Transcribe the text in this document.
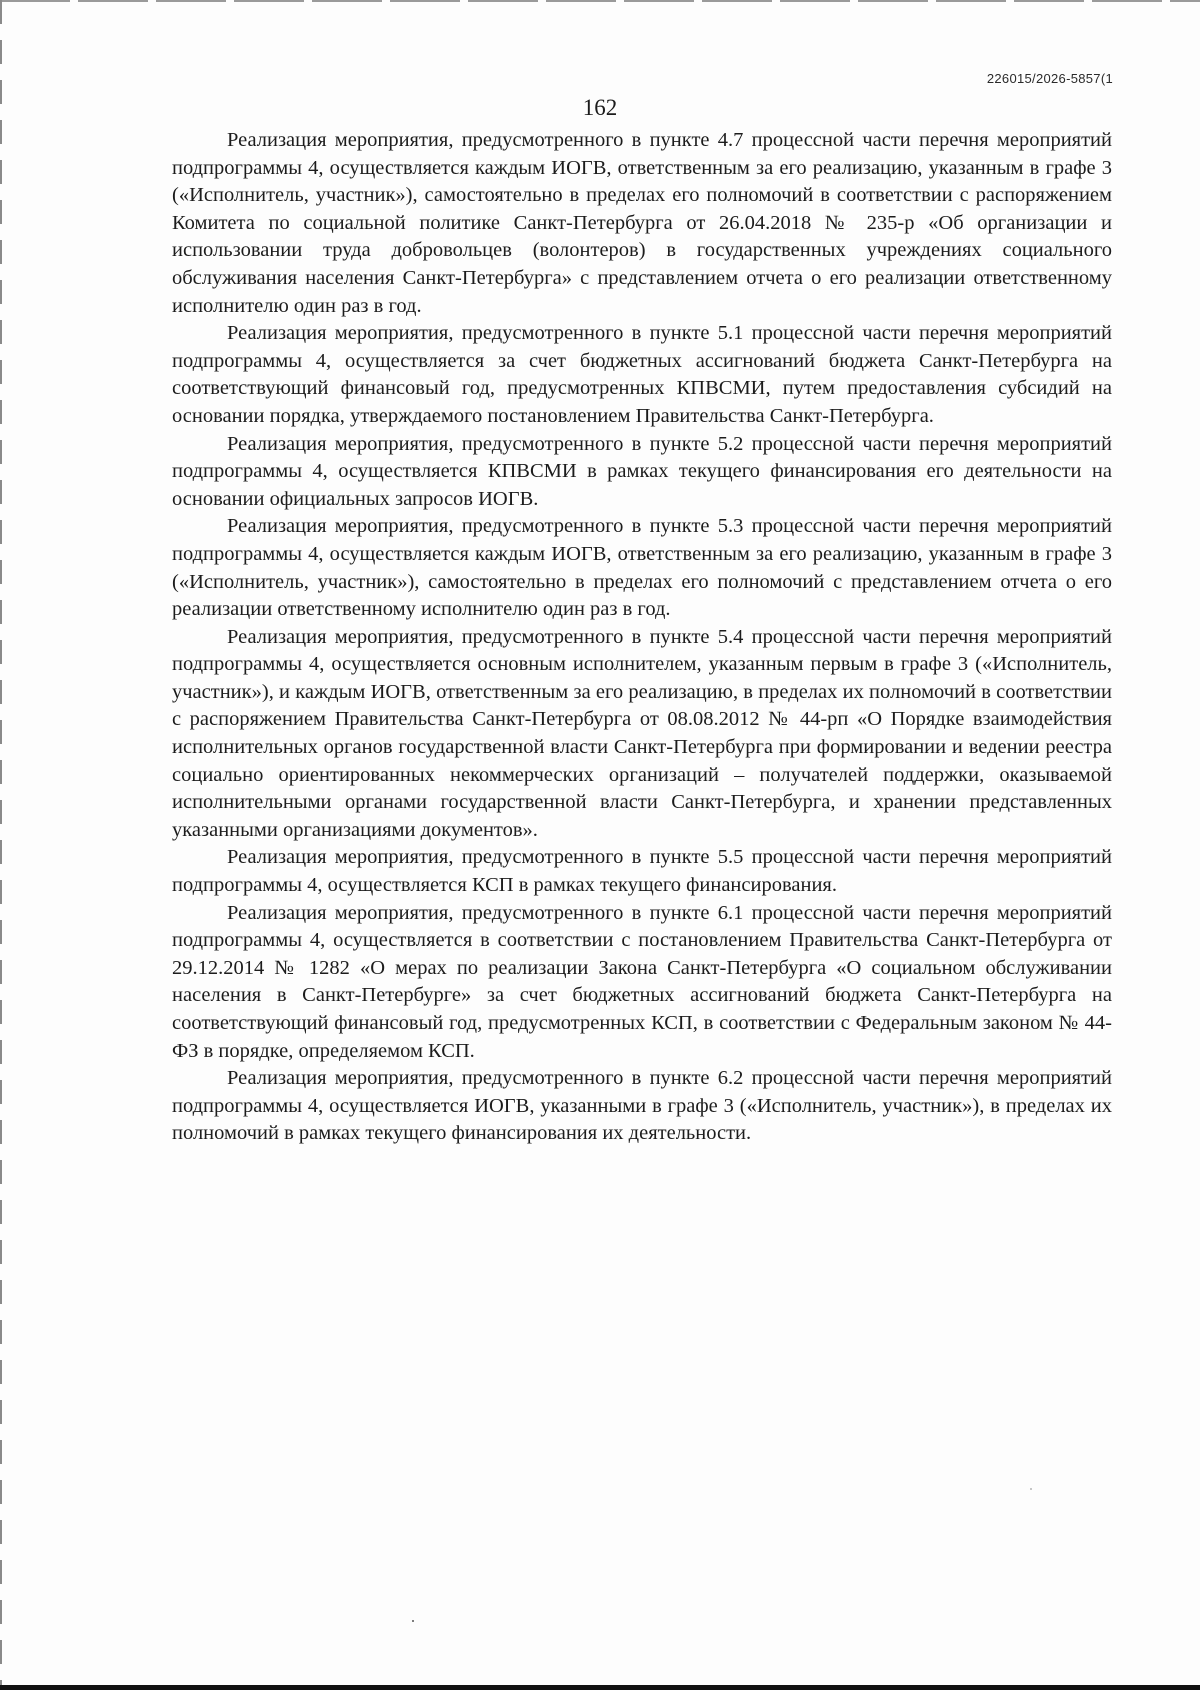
226015/2026-5857(1
162

Реализация мероприятия, предусмотренного в пункте 4.7 процессной части перечня мероприятий подпрограммы 4, осуществляется каждым ИОГВ, ответственным за его реализацию, указанным в графе 3 («Исполнитель, участник»), самостоятельно в пределах его полномочий в соответствии с распоряжением Комитета по социальной политике Санкт-Петербурга от 26.04.2018 № 235-р «Об организации и использовании труда добровольцев (волонтеров) в государственных учреждениях социального обслуживания населения Санкт-Петербурга» с представлением отчета о его реализации ответственному исполнителю один раз в год.

Реализация мероприятия, предусмотренного в пункте 5.1 процессной части перечня мероприятий подпрограммы 4, осуществляется за счет бюджетных ассигнований бюджета Санкт-Петербурга на соответствующий финансовый год, предусмотренных КПВСМИ, путем предоставления субсидий на основании порядка, утверждаемого постановлением Правительства Санкт-Петербурга.

Реализация мероприятия, предусмотренного в пункте 5.2 процессной части перечня мероприятий подпрограммы 4, осуществляется КПВСМИ в рамках текущего финансирования его деятельности на основании официальных запросов ИОГВ.

Реализация мероприятия, предусмотренного в пункте 5.3 процессной части перечня мероприятий подпрограммы 4, осуществляется каждым ИОГВ, ответственным за его реализацию, указанным в графе 3 («Исполнитель, участник»), самостоятельно в пределах его полномочий с представлением отчета о его реализации ответственному исполнителю один раз в год.

Реализация мероприятия, предусмотренного в пункте 5.4 процессной части перечня мероприятий подпрограммы 4, осуществляется основным исполнителем, указанным первым в графе 3 («Исполнитель, участник»), и каждым ИОГВ, ответственным за его реализацию, в пределах их полномочий в соответствии с распоряжением Правительства Санкт-Петербурга от 08.08.2012 № 44-рп «О Порядке взаимодействия исполнительных органов государственной власти Санкт-Петербурга при формировании и ведении реестра социально ориентированных некоммерческих организаций – получателей поддержки, оказываемой исполнительными органами государственной власти Санкт-Петербурга, и хранении представленных указанными организациями документов».

Реализация мероприятия, предусмотренного в пункте 5.5 процессной части перечня мероприятий подпрограммы 4, осуществляется КСП в рамках текущего финансирования.

Реализация мероприятия, предусмотренного в пункте 6.1 процессной части перечня мероприятий подпрограммы 4, осуществляется в соответствии с постановлением Правительства Санкт-Петербурга от 29.12.2014 № 1282 «О мерах по реализации Закона Санкт-Петербурга «О социальном обслуживании населения в Санкт-Петербурге» за счет бюджетных ассигнований бюджета Санкт-Петербурга на соответствующий финансовый год, предусмотренных КСП, в соответствии с Федеральным законом № 44-ФЗ в порядке, определяемом КСП.

Реализация мероприятия, предусмотренного в пункте 6.2 процессной части перечня мероприятий подпрограммы 4, осуществляется ИОГВ, указанными в графе 3 («Исполнитель, участник»), в пределах их полномочий в рамках текущего финансирования их деятельности.
